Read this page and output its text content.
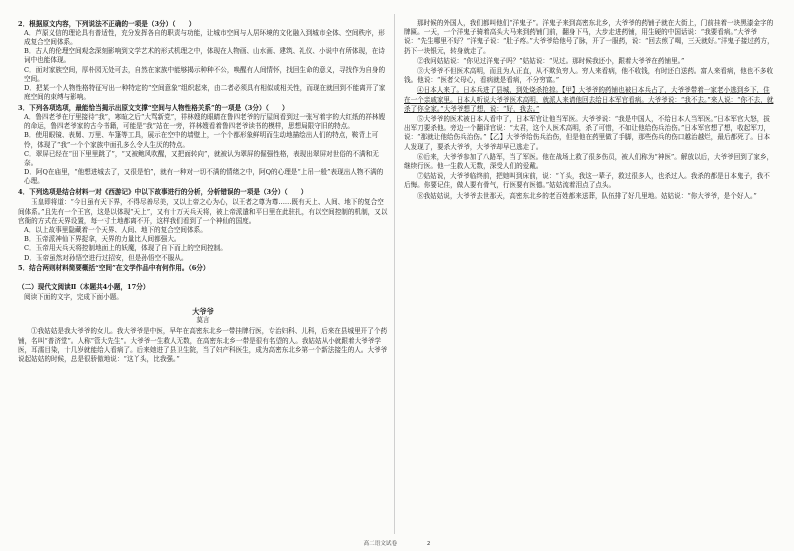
2．根据原文内容，下列说法不正确的一项是（3分）（　　）

A．芦原义信的理论具有普适性，充分发挥各自的职责与功能，让城市空间与人居环境的文化融入到城市全体、空间秩序，形成复合空间体系。

B．古人的伦理空间观念深刻影响到文学艺术的形式机理之中，体现在人物画、山水画、建筑、礼仪、小说中有所体现，在诗词中也能体现。

C．面对家族空间，厚朴园无处可去，自然在家族中能够揭示种种不公，唤醒有人间情怀，找回生命的意义，寻找作为自身的空间。

D．把某一个人物性格特征写出一种特定的“空间意象”组织起来，由二者必须具有相似或相关性，而现在就回到不能离开了家庭空间的束缚与影响。

3．下列各项选项，最能恰当揭示出原文支撑“空间与人物性格关系”的一项是（3分）（　　）

A．鲁四老爷在厅里接待“我”，寒暄之后“大骂新党”，祥林嫂的眼睛在鲁四老爷的厅屋间看到过一张写着字的大红纸的祥林嫂的命运，鲁四老爷家的古今书籍，可能是“我”站在一旁，祥林嫂看着鲁四老爷读书的模样，思想局限守旧的特点。

B．使用眼镜、表舅、万里、车篷等工具，展示在空中的墙壁上，一个个都形象鲜明而生动地描绘出人们的特点，鞍背上可怜，体现了“我”一个个家族中面孔多么令人生厌的特点。

C．翠屏已经在“田下里里跳了”，“又被鲍风吹醒，又把面转向”，就被认为翠屏的倔强性格，表现出翠屏对世俗的不满和无奈。

D．阿Q在庙里，“他想进城去了，又很是怕”，就有一种对一切不满的情绪之中，阿Q的心理是“上吊一般”表现出人物不满的心理。

4．下列选项是结合材料一对《西游记》中以下故事进行的分析，分析错误的一项是（3分）（　　）

玉皇即将道：“今日虽有天下界，不得尽善尽美，又以上帝之心为心，以王者之尊为尊……既有天上、人间、地下的复合空间体系。”且先有一个王宫，这是以体现“天上”，又有十万天兵天将，被上帝派遣和平日里在此驻扎，有以空间控制的机制，又以官衙的方式在天界设置，每一寸土地都离不开，这样我们看到了一个神仙的国度。

A．以上故事里隐藏着一个天界、人间、地下的复合空间体系。

B．玉帝派神仙下界捉拿，天界的力量比人间都强大。

C．玉帝用天兵天将控制地面上的妖魔，体现了自下而上的空间控制。

D．玉帝虽然对孙悟空进行过招安，但是孙悟空不服从。

5．结合两则材料简要概括“空间”在文学作品中有何作用。（6分）

（二）现代文阅读Ⅱ（本题共4小题，17分）

阅读下面的文字，完成下面小题。

大爷爷

莫言

①我姑姑是我大爷爷的女儿。我大爷爷是中医，早年在高密东北乡一带挂牌行医，专治妇科、儿科，后来在县城里开了个药铺，名叫“普济堂”。人称“管大先生”。大爷爷一生救人无数，在高密东北乡一带是很有名望的人。我姑姑从小就跟着大爷爷学医，耳濡目染，十几岁就能给人看病了。后来她进了县卫生院，当了妇产科医生，成为高密东北乡第一个新法接生的人。大爷爷说起姑姑的时候，总是很骄傲地说：“这丫头，比我强。”

那时候的外国人，我们都叫他们“洋鬼子”。洋鬼子来到高密东北乡，大爷爷的药铺子就在大街上，门前挂着一块黑漆金字的牌匾。一天，一个洋鬼子骑着高头大马来到药铺门前，翻身下马，大步走进药铺，用生硬的中国话说：“我要看病。”大爷爷说：“先生哪里不好？”洋鬼子说：“肚子疼。”大爷爷给他号了脉，开了一服药，说：“回去煎了喝，三天就好。”洋鬼子接过药方，扔下一块银元，转身就走了。

②我问姑姑说：“你见过洋鬼子吗？”姑姑说：“见过。那时候我还小，跟着大爷爷在药铺里。”

③大爷爷不但医术高明，而且为人正直，从不欺负穷人。穷人来看病，他不收钱，有时还白送药。富人来看病，他也不多收钱。他说：“医者父母心，看病就是看病，不分穷富。”

④日本人来了。日本兵进了县城，到处烧杀抢掠。【甲】大爷爷的药铺也被日本兵占了，大爷爷带着一家老小逃到乡下，住在一个亲戚家里。日本人听说大爷爷医术高明，就派人来请他回去给日本军官看病。大爷爷说：“我不去。”来人说：“你不去，就杀了你全家。”大爷爷想了想，说：“好，我去。”

⑤大爷爷的医术被日本人看中了，日本军官让他当军医。大爷爷说：“我是中国人，不给日本人当军医。”日本军官大怒，拔出军刀要杀他。旁边一个翻译官说：“太君，这个人医术高明，杀了可惜，不如让他给伤兵治伤。”日本军官想了想，收起军刀，说：“那就让他给伤兵治伤。”【乙】大爷爷给伤兵治伤，但是他在药里做了手脚，那些伤兵的伤口越治越烂，最后都死了。日本人发现了，要杀大爷爷，大爷爷却早已逃走了。

⑥后来，大爷爷参加了八路军，当了军医。他在战场上救了很多伤员，被人们称为“神医”。解放以后，大爷爷回到了家乡，继续行医。他一生救人无数，深受人们的爱戴。

⑦姑姑说，大爷爷临终前，把她叫到床前，说：“丫头，我这一辈子，救过很多人，也杀过人。我杀的都是日本鬼子，我不后悔。你要记住，做人要有骨气，行医要有医德。”姑姑流着泪点了点头。

⑧我姑姑说，大爷爷去世那天，高密东北乡的老百姓都来送葬，队伍排了好几里地。姑姑说：“你大爷爷，是个好人。”

高二语文试卷	2
